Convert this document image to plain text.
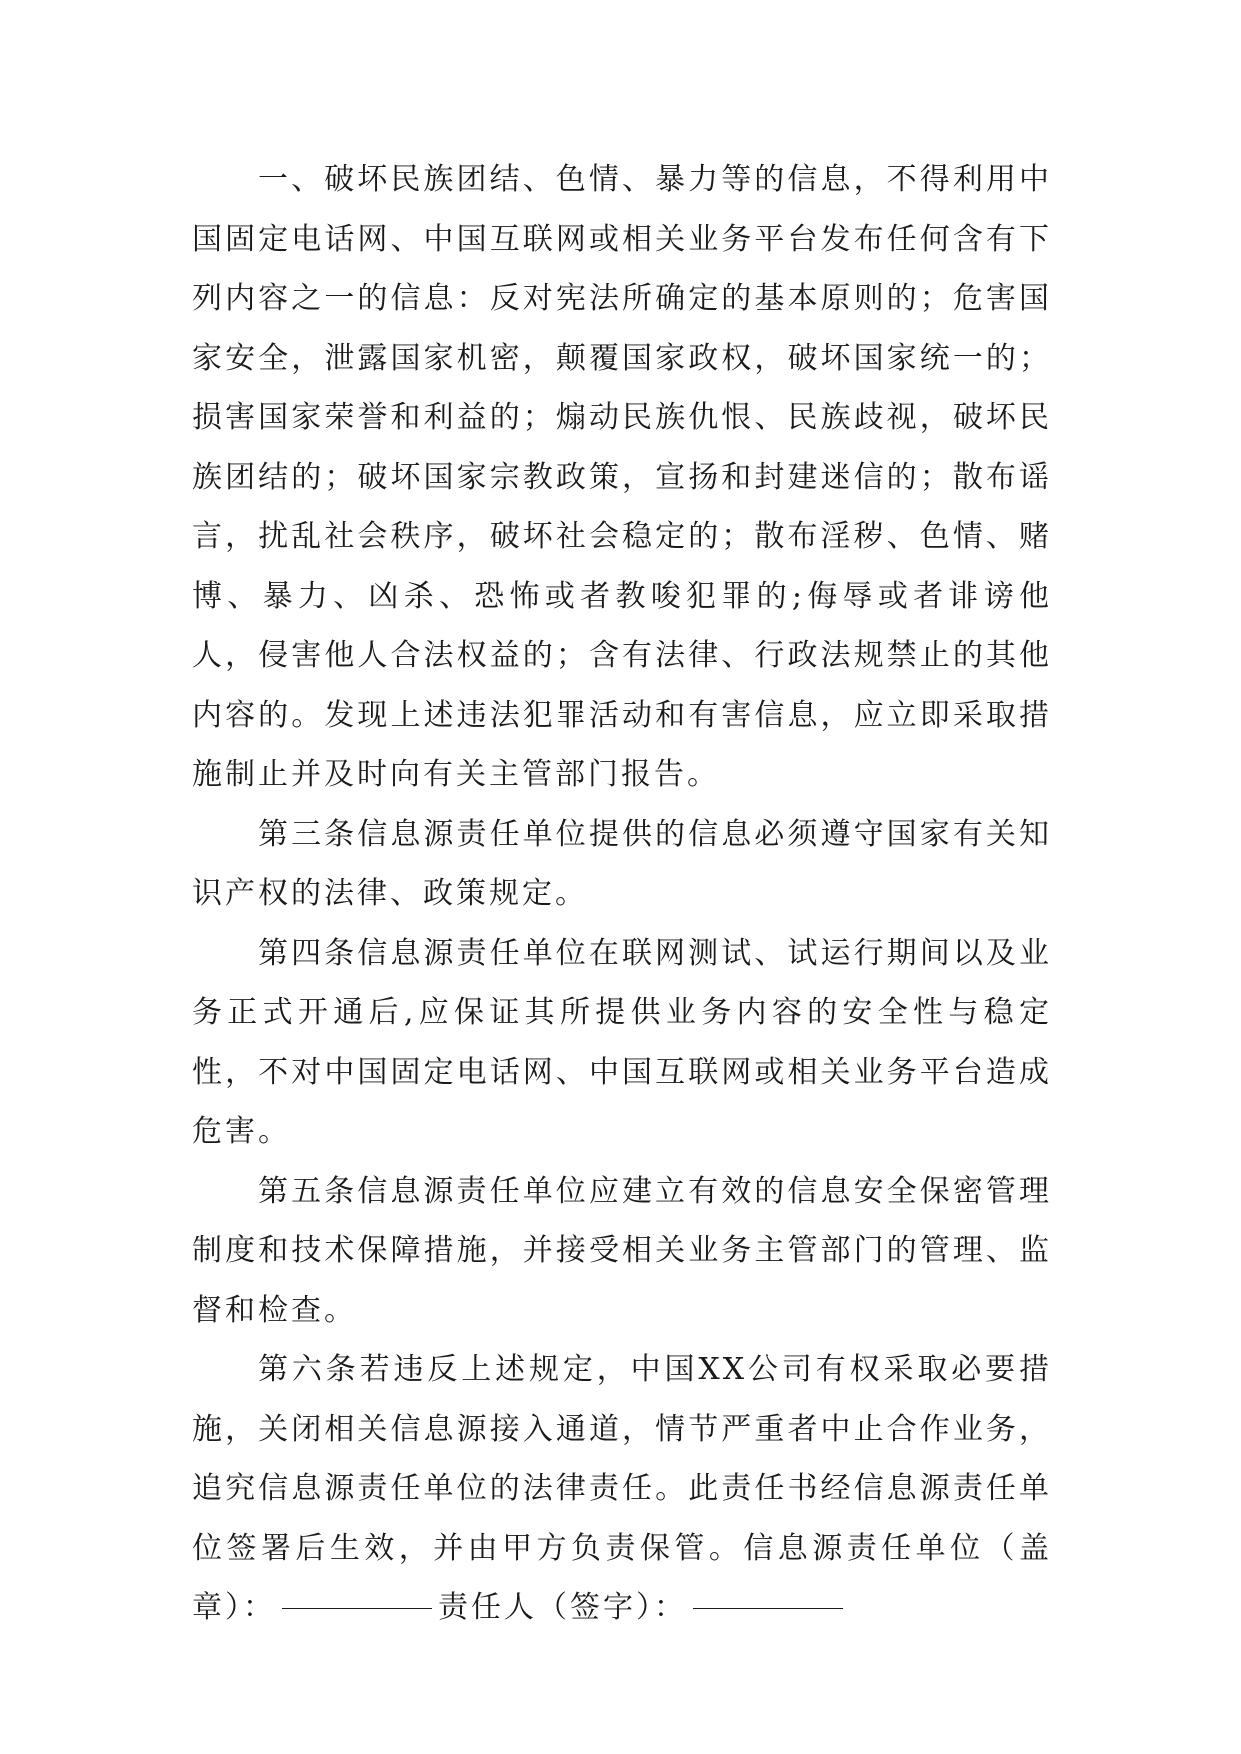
一、破坏民族团结、色情、暴力等的信息，不得利用中国固定电话网、中国互联网或相关业务平台发布任何含有下列内容之一的信息：反对宪法所确定的基本原则的；危害国家安全，泄露国家机密，颠覆国家政权，破坏国家统一的；损害国家荣誉和利益的；煽动民族仇恨、民族歧视，破坏民族团结的；破坏国家宗教政策，宣扬和封建迷信的；散布谣言，扰乱社会秩序，破坏社会稳定的；散布淫秽、色情、赌博、暴力、凶杀、恐怖或者教唆犯罪的;侮辱或者诽谤他人，侵害他人合法权益的；含有法律、行政法规禁止的其他内容的。发现上述违法犯罪活动和有害信息，应立即采取措施制止并及时向有关主管部门报告。

第三条信息源责任单位提供的信息必须遵守国家有关知识产权的法律、政策规定。

第四条信息源责任单位在联网测试、试运行期间以及业务正式开通后,应保证其所提供业务内容的安全性与稳定性，不对中国固定电话网、中国互联网或相关业务平台造成危害。

第五条信息源责任单位应建立有效的信息安全保密管理制度和技术保障措施，并接受相关业务主管部门的管理、监督和检查。

第六条若违反上述规定，中国XX公司有权采取必要措施，关闭相关信息源接入通道，情节严重者中止合作业务，追究信息源责任单位的法律责任。此责任书经信息源责任单位签署后生效，并由甲方负责保管。信息源责任单位（盖章）：	责任人（签字）：
